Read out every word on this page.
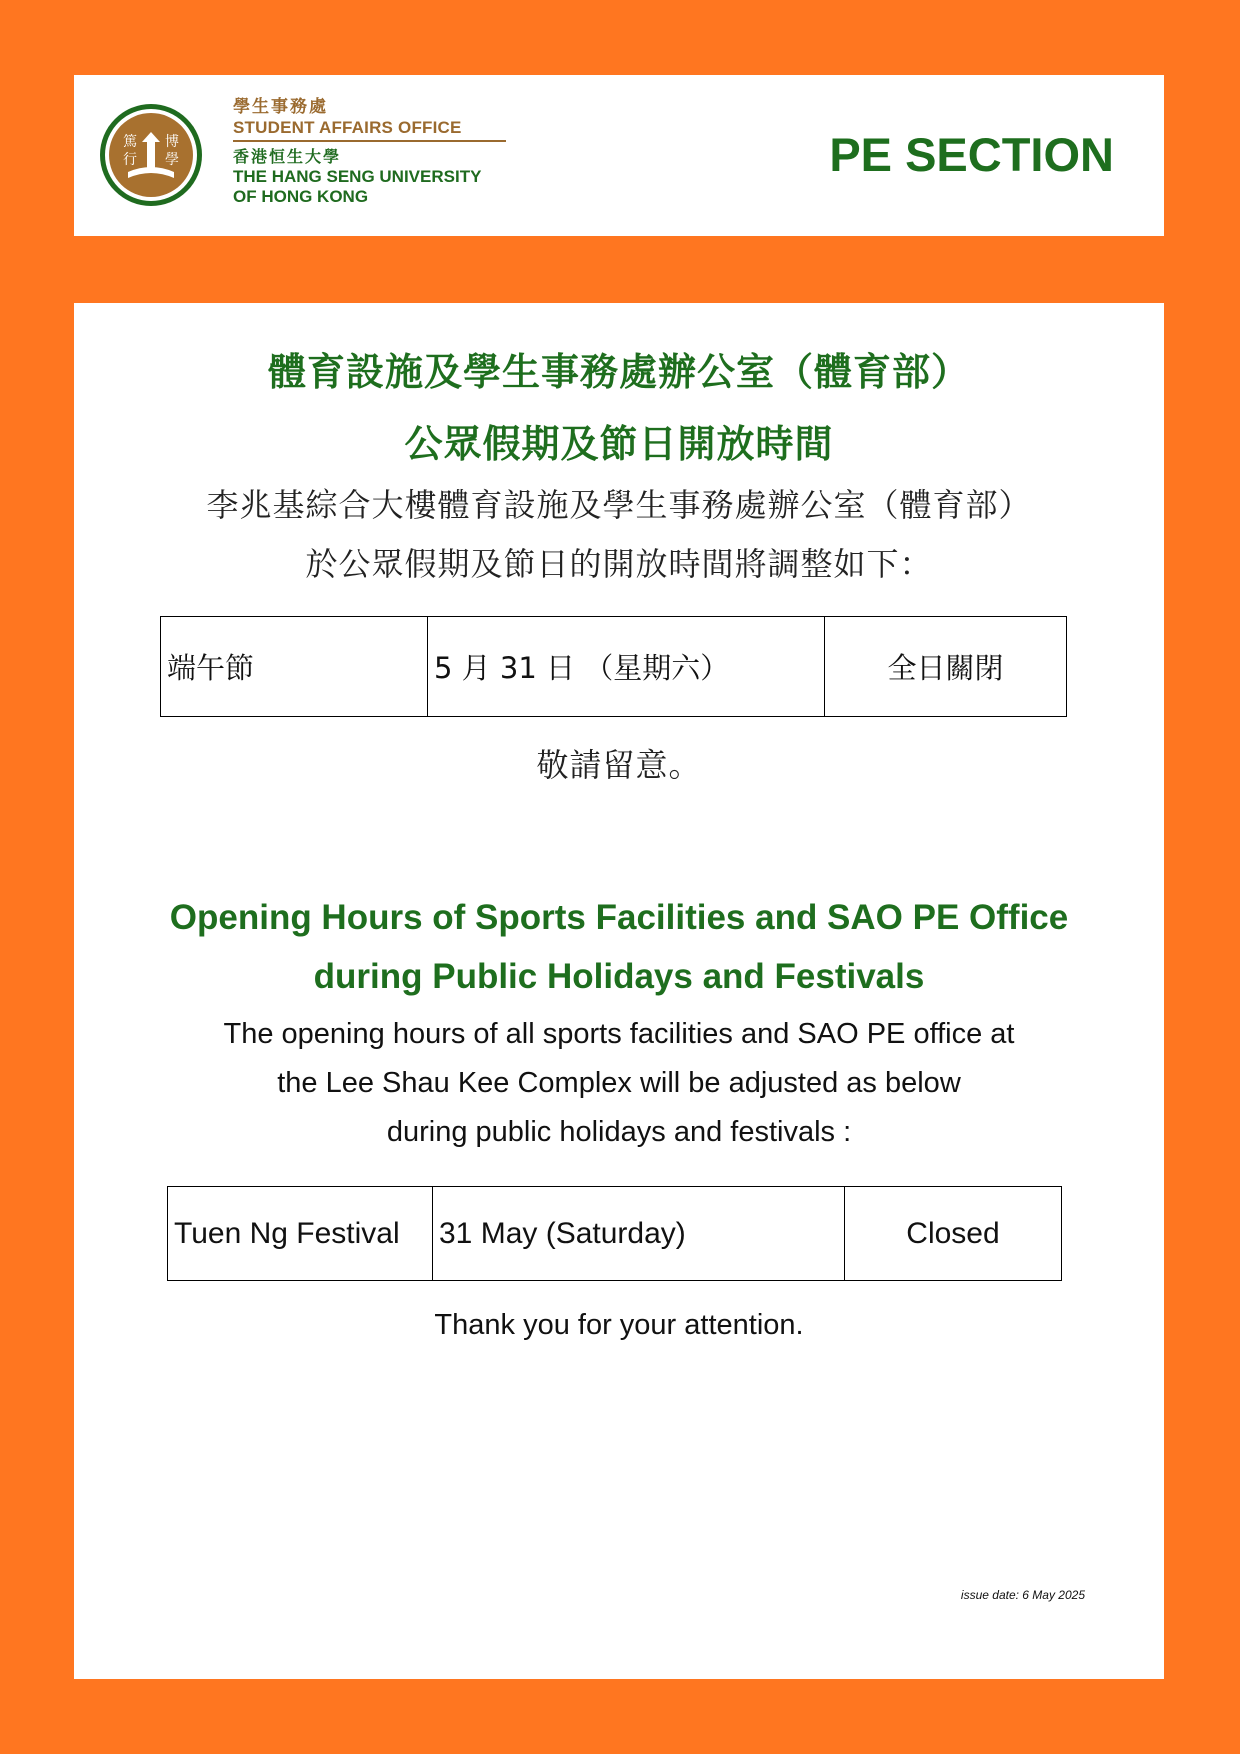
篤 博
行 學
學生事務處
STUDENT AFFAIRS OFFICE
香港恒生大學
THE HANG SENG UNIVERSITY
OF HONG KONG
PE SECTION
體育設施及學生事務處辦公室（體育部）
公眾假期及節日開放時間
李兆基綜合大樓體育設施及學生事務處辦公室（體育部）
於公眾假期及節日的開放時間將調整如下：
端午節	5 月 31 日 （星期六）	全日關閉
敬請留意。
Opening Hours of Sports Facilities and SAO PE Office
during Public Holidays and Festivals
The opening hours of all sports facilities and SAO PE office at
the Lee Shau Kee Complex will be adjusted as below
during public holidays and festivals :
Tuen Ng Festival	31 May (Saturday)	Closed
Thank you for your attention.
issue date: 6 May 2025
